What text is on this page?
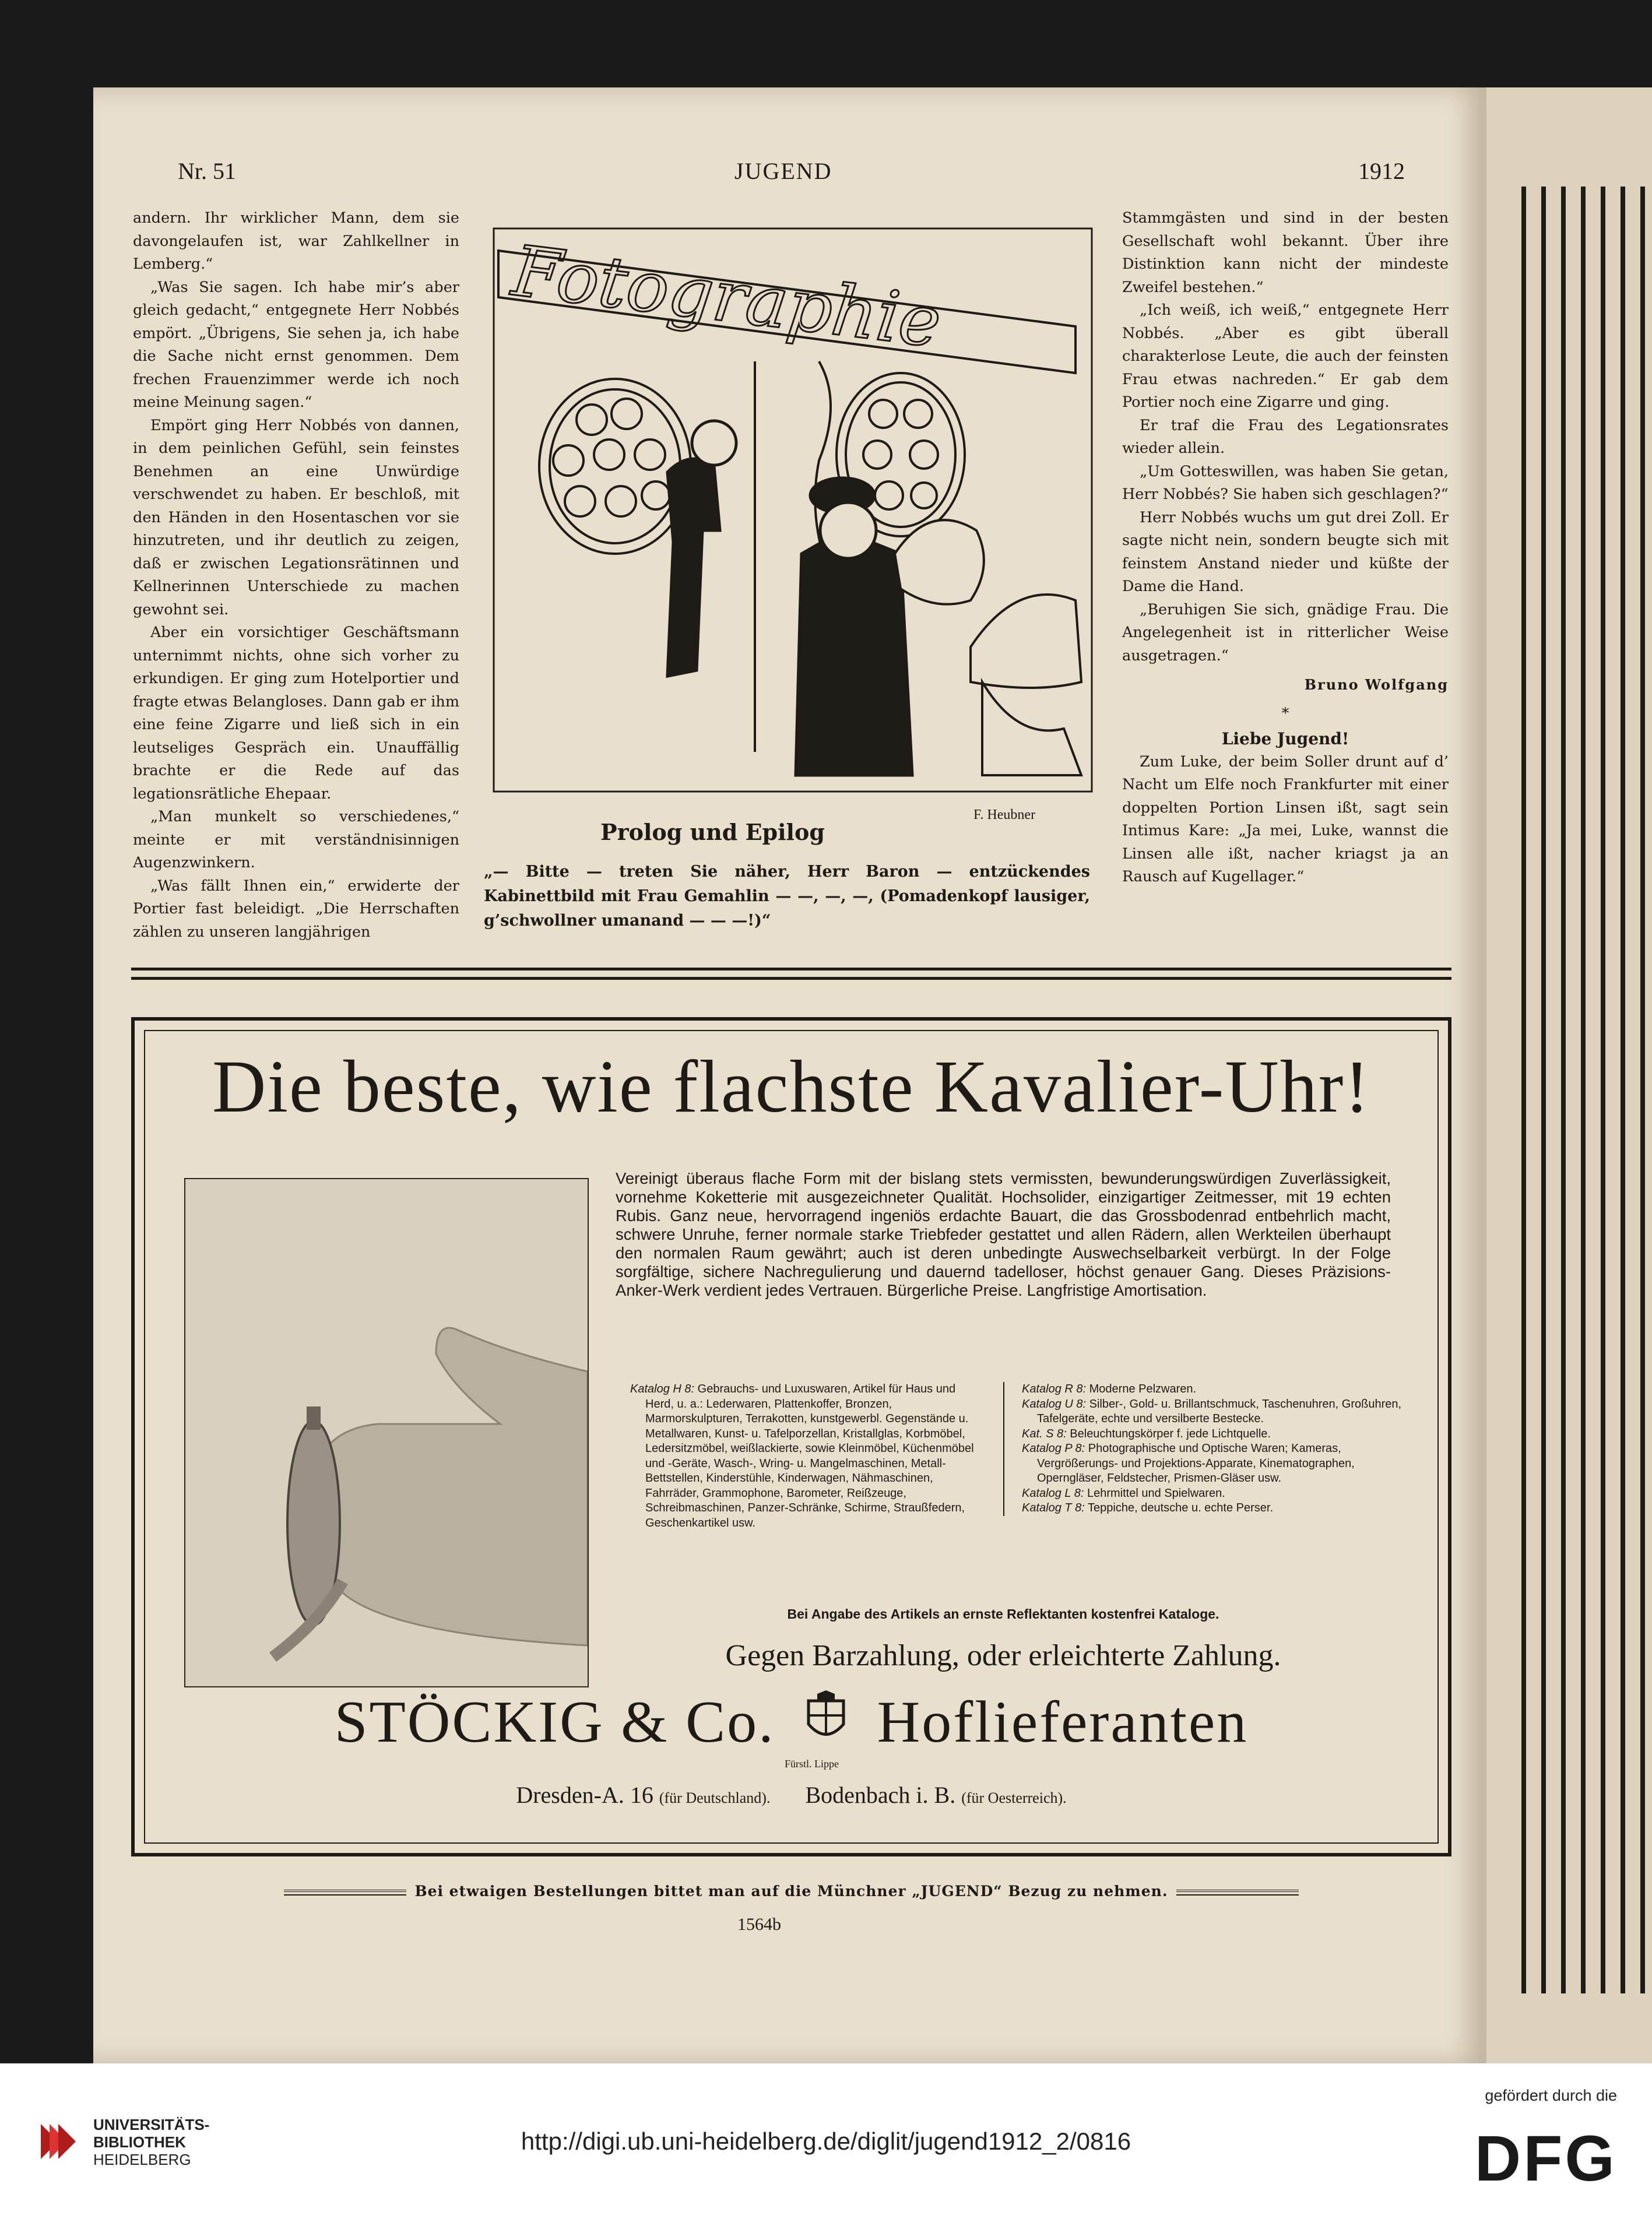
Nr. 51	JUGEND	1912

andern. Ihr wirklicher Mann, dem sie davongelaufen ist, war Zahlkellner in Lemberg.“

„Was Sie sagen. Ich habe mir’s aber gleich gedacht,“ entgegnete Herr Nobbés empört. „Übrigens, Sie sehen ja, ich habe die Sache nicht ernst genommen. Dem frechen Frauenzimmer werde ich noch meine Meinung sagen.“

Empört ging Herr Nobbés von dannen, in dem peinlichen Gefühl, sein feinstes Benehmen an eine Unwürdige verschwendet zu haben. Er beschloß, mit den Händen in den Hosentaschen vor sie hinzutreten, und ihr deutlich zu zeigen, daß er zwischen Legationsrätinnen und Kellnerinnen Unterschiede zu machen gewohnt sei.

Aber ein vorsichtiger Geschäftsmann unternimmt nichts, ohne sich vorher zu erkundigen. Er ging zum Hotelportier und fragte etwas Belangloses. Dann gab er ihm eine feine Zigarre und ließ sich in ein leutseliges Gespräch ein. Unauffällig brachte er die Rede auf das legationsrätliche Ehepaar.

„Man munkelt so verschiedenes,“ meinte er mit verständnisinnigen Augenzwinkern.

„Was fällt Ihnen ein,“ erwiderte der Portier fast beleidigt. „Die Herrschaften zählen zu unseren langjährigen

Fotographie
F. Heubner
Prolog und Epilog
„— Bitte — treten Sie näher, Herr Baron — entzückendes Kabinettbild mit Frau Gemahlin — —, —, —, (Pomadenkopf lausiger, g’schwollner umanand — — —!)“

Stammgästen und sind in der besten Gesellschaft wohl bekannt. Über ihre Distinktion kann nicht der mindeste Zweifel bestehen.“

„Ich weiß, ich weiß,“ entgegnete Herr Nobbés. „Aber es gibt überall charakterlose Leute, die auch der feinsten Frau etwas nachreden.“ Er gab dem Portier noch eine Zigarre und ging.

Er traf die Frau des Legationsrates wieder allein.

„Um Gotteswillen, was haben Sie getan, Herr Nobbés? Sie haben sich geschlagen?“

Herr Nobbés wuchs um gut drei Zoll. Er sagte nicht nein, sondern beugte sich mit feinstem Anstand nieder und küßte der Dame die Hand.

„Beruhigen Sie sich, gnädige Frau. Die Angelegenheit ist in ritterlicher Weise ausgetragen.“

Bruno Wolfgang
*
Liebe Jugend!

Zum Luke, der beim Soller drunt auf d’ Nacht um Elfe noch Frankfurter mit einer doppelten Portion Linsen ißt, sagt sein Intimus Kare: „Ja mei, Luke, wannst die Linsen alle ißt, nacher kriagst ja an Rausch auf Kugellager.“

Die beste, wie flachste Kavalier-Uhr!
Vereinigt überaus flache Form mit der bislang stets vermissten, bewunderungswürdigen Zuverlässigkeit, vornehme Koketterie mit ausgezeichneter Qualität. Hochsolider, einzigartiger Zeitmesser, mit 19 echten Rubis. Ganz neue, hervorragend ingeniös erdachte Bauart, die das Grossbodenrad entbehrlich macht, schwere Unruhe, ferner normale starke Triebfeder gestattet und allen Rädern, allen Werkteilen überhaupt den normalen Raum gewährt; auch ist deren unbedingte Auswechselbarkeit verbürgt. In der Folge sorgfältige, sichere Nachregulierung und dauernd tadelloser, höchst genauer Gang. Dieses Präzisions-Anker-Werk verdient jedes Vertrauen. Bürgerliche Preise. Langfristige Amortisation.

Katalog H 8: Gebrauchs- und Luxuswaren, Artikel für Haus und Herd, u. a.: Lederwaren, Plattenkoffer, Bronzen, Marmorskulpturen, Terrakotten, kunstgewerbl. Gegenstände u. Metallwaren, Kunst- u. Tafelporzellan, Kristallglas, Korbmöbel, Ledersitzmöbel, weißlackierte, sowie Kleinmöbel, Küchenmöbel und -Geräte, Wasch-, Wring- u. Mangelmaschinen, Metall-Bettstellen, Kinderstühle, Kinderwagen, Nähmaschinen, Fahrräder, Grammophone, Barometer, Reißzeuge, Schreibmaschinen, Panzer-Schränke, Schirme, Straußfedern, Geschenkartikel usw.

Katalog R 8: Moderne Pelzwaren.

Katalog U 8: Silber-, Gold- u. Brillantschmuck, Taschenuhren, Großuhren, Tafelgeräte, echte und versilberte Bestecke.

Kat. S 8: Beleuchtungskörper f. jede Lichtquelle.

Katalog P 8: Photographische und Optische Waren; Kameras, Vergrößerungs- und Projektions-Apparate, Kinematographen, Operngläser, Feldstecher, Prismen-Gläser usw.

Katalog L 8: Lehrmittel und Spielwaren.

Katalog T 8: Teppiche, deutsche u. echte Perser.

Bei Angabe des Artikels an ernste Reflektanten kostenfrei Kataloge.
Gegen Barzahlung, oder erleichterte Zahlung.
STÖCKIG & Co. Hoflieferanten
Fürstl. Lippe
Dresden-A. 16 (für Deutschland). Bodenbach i. B. (für Oesterreich).
Bei etwaigen Bestellungen bittet man auf die Münchner „JUGEND“ Bezug zu nehmen.
1564b
UNIVERSITÄTS-
BIBLIOTHEK
HEIDELBERG
http://digi.ub.uni-heidelberg.de/diglit/jugend1912_2/0816
gefördert durch die
DFG
